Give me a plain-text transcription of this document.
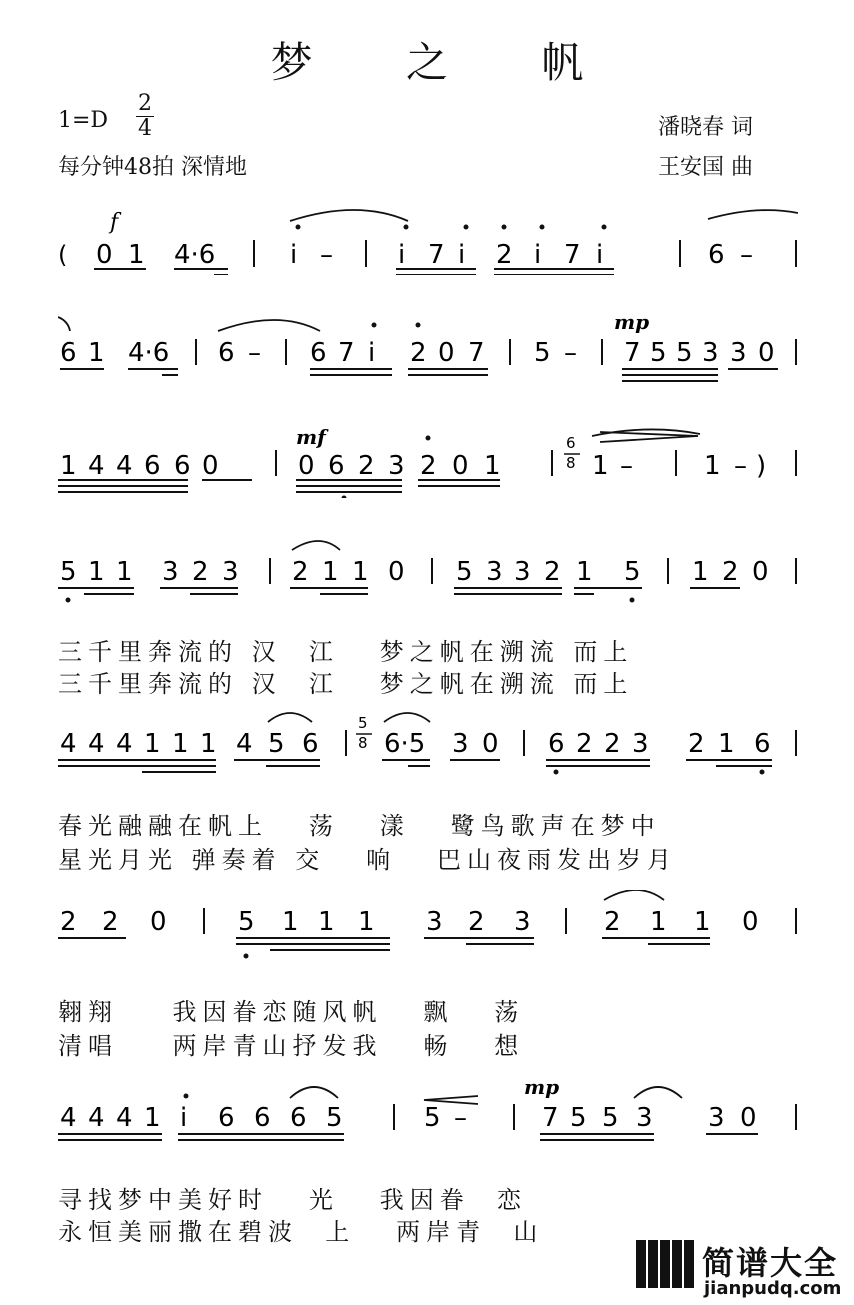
梦 之 帆
1=D
2
4
每分钟48拍 深情地
潘晓春 词
王安国 曲
(
f
0 1 4·6	i –	i 7 i 2 i 7 i	6 –
mp
6 1 4·6 6 – 6 7 i 2 0 7 5 – 7 5 5 3 3 0
mf
1 4 4 6 6 0	0 6 2 3 2 0 1	1 –	1 – )
6
8
5 1 1 3 2 3 2 1 1 0 5 3 3 2 1 5 1 2 0
三千里奔流的 汉  江   梦之帆在溯流 而上
三千里奔流的 汉  江   梦之帆在溯流 而上
4 4 4 1 1 1 4 5 6	6·5 3 0 6 2 2 3 2 1 6
5
8
春光融融在帆上   荡   漾   鹭鸟歌声在梦中
星光月光 弹奏着 交   响   巴山夜雨发出岁月
2 2 0	5 1 1 1 3 2 3	2 1 1 0
翱翔    我因眷恋随风帆   飘   荡
清唱    两岸青山抒发我   畅   想
mp
4 4 4 1 i 6 6 6 5	5 –	7 5 5 3 3 0
寻找梦中美好时   光   我因眷  恋
永恒美丽撒在碧波  上   两岸青  山
简谱大全
jianpudq.com
